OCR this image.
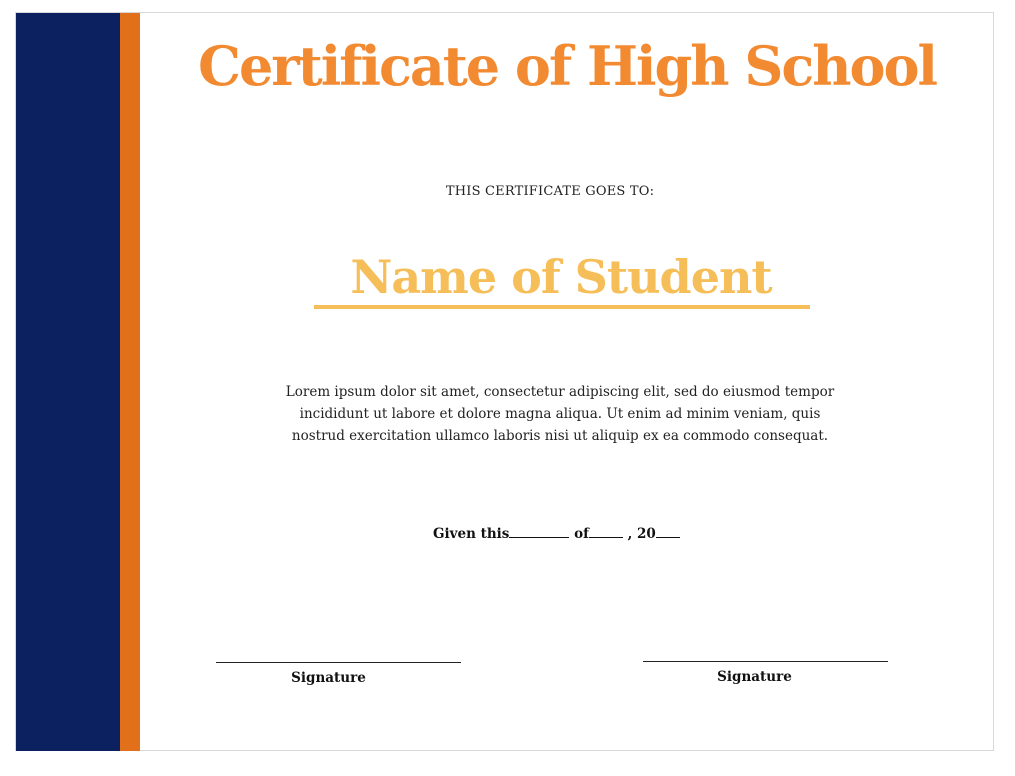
Certificate of High School
THIS CERTIFICATE GOES TO:
Name of Student
Lorem ipsum dolor sit amet, consectetur adipiscing elit, sed do eiusmod tempor incididunt ut labore et dolore magna aliqua. Ut enim ad minim veniam, quis nostrud exercitation ullamco laboris nisi ut aliquip ex ea commodo consequat.
Given this	of	, 20
Signature	Signature
